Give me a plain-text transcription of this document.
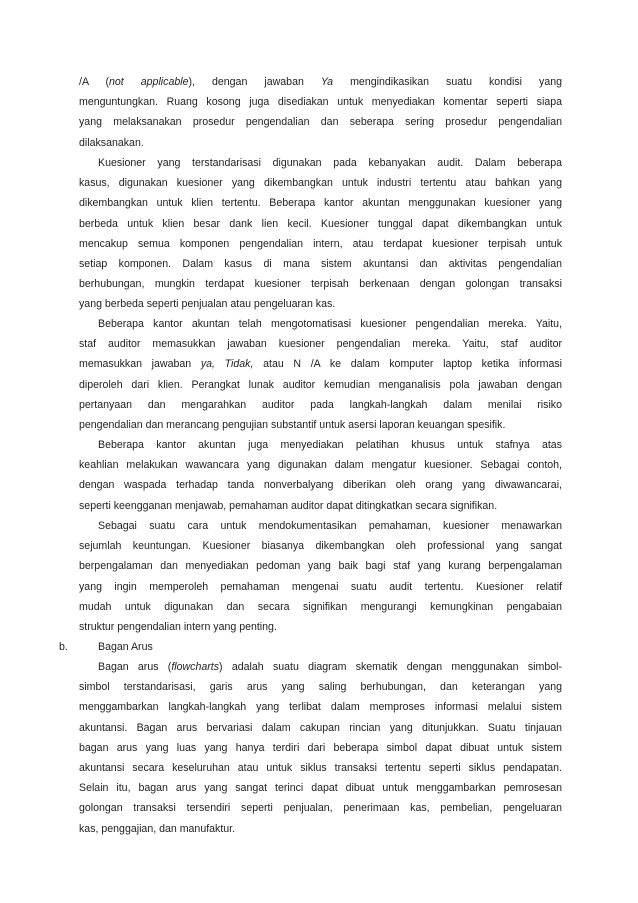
/A (not applicable), dengan jawaban Ya mengindikasikan suatu kondisi yang
menguntungkan. Ruang kosong juga disediakan untuk menyediakan komentar seperti siapa
yang melaksanakan prosedur pengendalian dan seberapa sering prosedur pengendalian
dilaksanakan.
Kuesioner yang terstandarisasi digunakan pada kebanyakan audit. Dalam beberapa
kasus, digunakan kuesioner yang dikembangkan untuk industri tertentu atau bahkan yang
dikembangkan untuk klien tertentu. Beberapa kantor akuntan menggunakan kuesioner yang
berbeda untuk klien besar dank lien kecil. Kuesioner tunggal dapat dikembangkan untuk
mencakup semua komponen pengendalian intern, atau terdapat kuesioner terpisah untuk
setiap komponen. Dalam kasus di mana sistem akuntansi dan aktivitas pengendalian
berhubungan, mungkin terdapat kuesioner terpisah berkenaan dengan golongan transaksi
yang berbeda seperti penjualan atau pengeluaran kas.
Beberapa kantor akuntan telah mengotomatisasi kuesioner pengendalian mereka. Yaitu,
staf auditor memasukkan jawaban kuesioner pengendalian mereka. Yaitu, staf auditor
memasukkan jawaban ya, Tidak, atau N /A ke dalam komputer laptop ketika informasi
diperoleh dari klien. Perangkat lunak auditor kemudian menganalisis pola jawaban dengan
pertanyaan dan mengarahkan auditor pada langkah-langkah dalam menilai risiko
pengendalian dan merancang pengujian substantif untuk asersi laporan keuangan spesifik.
Beberapa kantor akuntan juga menyediakan pelatihan khusus untuk stafnya atas
keahlian melakukan wawancara yang digunakan dalam mengatur kuesioner. Sebagai contoh,
dengan waspada terhadap tanda nonverbalyang diberikan oleh orang yang diwawancarai,
seperti keengganan menjawab, pemahaman auditor dapat ditingkatkan secara signifikan.
Sebagai suatu cara untuk mendokumentasikan pemahaman, kuesioner menawarkan
sejumlah keuntungan. Kuesioner biasanya dikembangkan oleh professional yang sangat
berpengalaman dan menyediakan pedoman yang baik bagi staf yang kurang berpengalaman
yang ingin memperoleh pemahaman mengenai suatu audit tertentu. Kuesioner relatif
mudah untuk digunakan dan secara signifikan mengurangi kemungkinan pengabaian
struktur pengendalian intern yang penting.
b.	Bagan Arus
Bagan arus (flowcharts) adalah suatu diagram skematik dengan menggunakan simbol-
simbol terstandarisasi, garis arus yang saling berhubungan, dan keterangan yang
menggambarkan langkah-langkah yang terlibat dalam memproses informasi melalui sistem
akuntansi. Bagan arus bervariasi dalam cakupan rincian yang ditunjukkan. Suatu tinjauan
bagan arus yang luas yang hanya terdiri dari beberapa simbol dapat dibuat untuk sistem
akuntansi secara keseluruhan atau untuk siklus transaksi tertentu seperti siklus pendapatan.
Selain itu, bagan arus yang sangat terinci dapat dibuat untuk menggambarkan pemrosesan
golongan transaksi tersendiri seperti penjualan, penerimaan kas, pembelian, pengeluaran
kas, penggajian, dan manufaktur.
